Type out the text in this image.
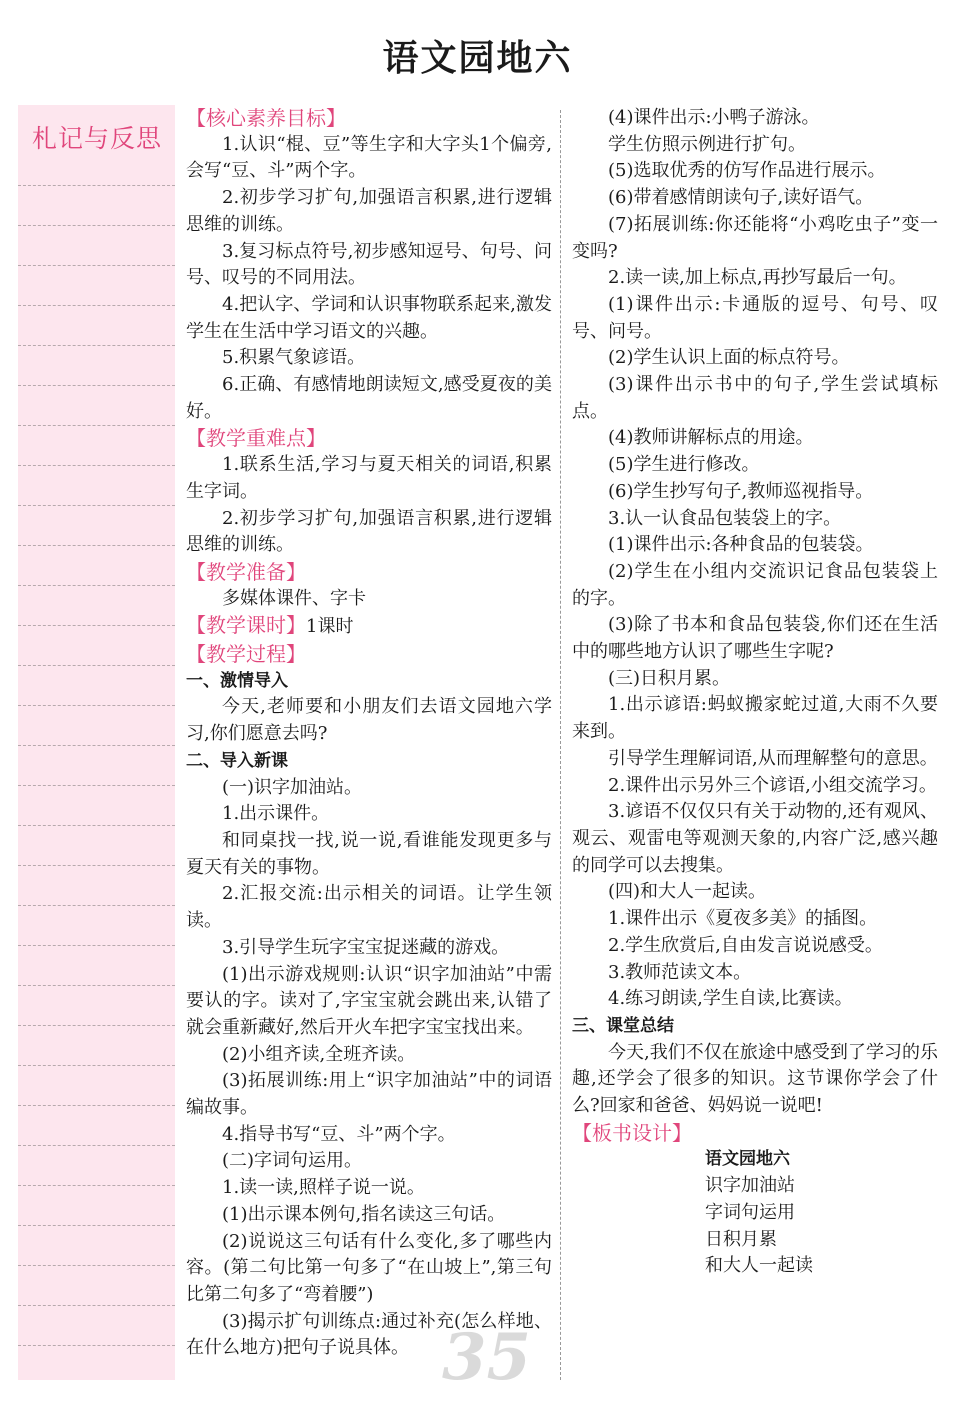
语文园地六
札记与反思

【核心素养目标】

1.认识“棍、豆”等生字和大字头1个偏旁,会写“豆、斗”两个字。

2.初步学习扩句,加强语言积累,进行逻辑思维的训练。

3.复习标点符号,初步感知逗号、句号、问号、叹号的不同用法。

4.把认字、学词和认识事物联系起来,激发学生在生活中学习语文的兴趣。

5.积累气象谚语。

6.正确、有感情地朗读短文,感受夏夜的美好。

【教学重难点】

1.联系生活,学习与夏天相关的词语,积累生字词。

2.初步学习扩句,加强语言积累,进行逻辑思维的训练。

【教学准备】

多媒体课件、字卡

【教学课时】1课时

【教学过程】

一、激情导入

今天,老师要和小朋友们去语文园地六学习,你们愿意去吗?

二、导入新课

(一)识字加油站。

1.出示课件。

和同桌找一找,说一说,看谁能发现更多与夏天有关的事物。

2.汇报交流:出示相关的词语。让学生领读。

3.引导学生玩字宝宝捉迷藏的游戏。

(1)出示游戏规则:认识“识字加油站”中需要认的字。读对了,字宝宝就会跳出来,认错了就会重新藏好,然后开火车把字宝宝找出来。

(2)小组齐读,全班齐读。

(3)拓展训练:用上“识字加油站”中的词语编故事。

4.指导书写“豆、斗”两个字。

(二)字词句运用。

1.读一读,照样子说一说。

(1)出示课本例句,指名读这三句话。

(2)说说这三句话有什么变化,多了哪些内容。(第二句比第一句多了“在山坡上”,第三句比第二句多了“弯着腰”)

(3)揭示扩句训练点:通过补充(怎么样地、在什么地方)把句子说具体。

(4)课件出示:小鸭子游泳。

学生仿照示例进行扩句。

(5)选取优秀的仿写作品进行展示。

(6)带着感情朗读句子,读好语气。

(7)拓展训练:你还能将“小鸡吃虫子”变一变吗?

2.读一读,加上标点,再抄写最后一句。

(1)课件出示:卡通版的逗号、句号、叹号、问号。

(2)学生认识上面的标点符号。

(3)课件出示书中的句子,学生尝试填标点。

(4)教师讲解标点的用途。

(5)学生进行修改。

(6)学生抄写句子,教师巡视指导。

3.认一认食品包装袋上的字。

(1)课件出示:各种食品的包装袋。

(2)学生在小组内交流识记食品包装袋上的字。

(3)除了书本和食品包装袋,你们还在生活中的哪些地方认识了哪些生字呢?

(三)日积月累。

1.出示谚语:蚂蚁搬家蛇过道,大雨不久要来到。

引导学生理解词语,从而理解整句的意思。

2.课件出示另外三个谚语,小组交流学习。

3.谚语不仅仅只有关于动物的,还有观风、观云、观雷电等观测天象的,内容广泛,感兴趣的同学可以去搜集。

(四)和大人一起读。

1.课件出示《夏夜多美》的插图。

2.学生欣赏后,自由发言说说感受。

3.教师范读文本。

4.练习朗读,学生自读,比赛读。

三、课堂总结

今天,我们不仅在旅途中感受到了学习的乐趣,还学会了很多的知识。这节课你学会了什么?回家和爸爸、妈妈说一说吧!

【板书设计】

语文园地六

识字加油站

字词句运用

日积月累

和大人一起读

35
